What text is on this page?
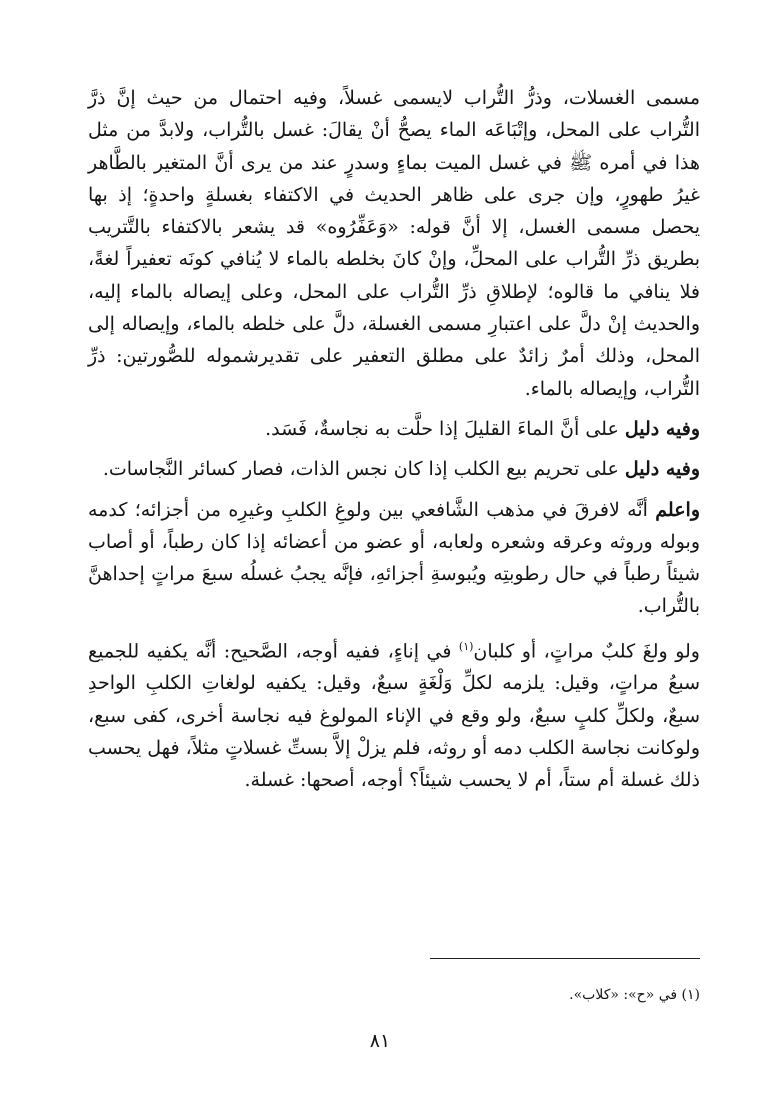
مسمى الغسلات، وذرُّ التُّراب لايسمى غسلاً، وفيه احتمال من حيث إنَّ ذرَّ التُّراب على المحل، وإتْبَاعَه الماء يصحُّ أنْ يقالَ: غسل بالتُّراب، ولابدَّ من مثل هذا في أمره ﷺ في غسل الميت بماءٍ وسدرٍ عند من يرى أنَّ المتغير بالطَّاهر غيرُ طهورٍ، وإن جرى على ظاهر الحديث في الاكتفاء بغسلةٍ واحدةٍ؛ إذ بها يحصل مسمى الغسل، إلا أنَّ قوله: «وَعَفِّرُوه» قد يشعر بالاكتفاء بالتَّتريب بطريق ذرِّ التُّراب على المحلِّ، وإنْ كانَ بخلطه بالماء لا يُنافي كونَه تعفيراً لغةً، فلا ينافي ما قالوه؛ لإطلاقِ ذرِّ التُّراب على المحل، وعلى إيصاله بالماء إليه، والحديث إنْ دلَّ على اعتبارِ مسمى الغسلة، دلَّ على خلطه بالماء، وإيصاله إلى المحل، وذلك أمرٌ زائدٌ على مطلق التعفير على تقديرشموله للصُّورتين: ذرِّ التُّراب، وإيصاله بالماء.

وفيه دليل على أنَّ الماءَ القليلَ إذا حلَّت به نجاسةٌ، فَسَد.

وفيه دليل على تحريم بيع الكلب إذا كان نجس الذات، فصار كسائر النَّجاسات.

واعلم أنَّه لافرقَ في مذهب الشَّافعي بين ولوغِ الكلبِ وغيرِه من أجزائه؛ كدمه وبوله وروثه وعرقه وشعره ولعابه، أو عضو من أعضائه إذا كان رطباً، أو أصاب شيئاً رطباً في حال رطوبتِه ويُبوسةِ أجزائهِ، فإنَّه يجبُ غسلُه سبعَ مراتٍ إحداهنَّ بالتُّراب.

ولو ولغَ كلبٌ مراتٍ، أو كلبان$^{(١)}$ في إناءٍ، ففيه أوجه، الصَّحيح: أنَّه يكفيه للجميع سبعُ مراتٍ، وقيل: يلزمه لكلِّ وَلْغَةٍ سبعٌ، وقيل: يكفيه لولغاتِ الكلبِ الواحدِ سبعٌ، ولكلِّ كلبٍ سبعٌ، ولو وقع في الإناء المولوغ فيه نجاسة أخرى، كفى سبع، ولوكانت نجاسة الكلب دمه أو روثه، فلم يزلْ إلاَّ بستِّ غسلاتٍ مثلاً، فهل يحسب ذلك غسلة أم ستاً، أم لا يحسب شيئاً؟ أوجه، أصحها: غسلة.

(١) في «ح»: «كلاب».
٨١
